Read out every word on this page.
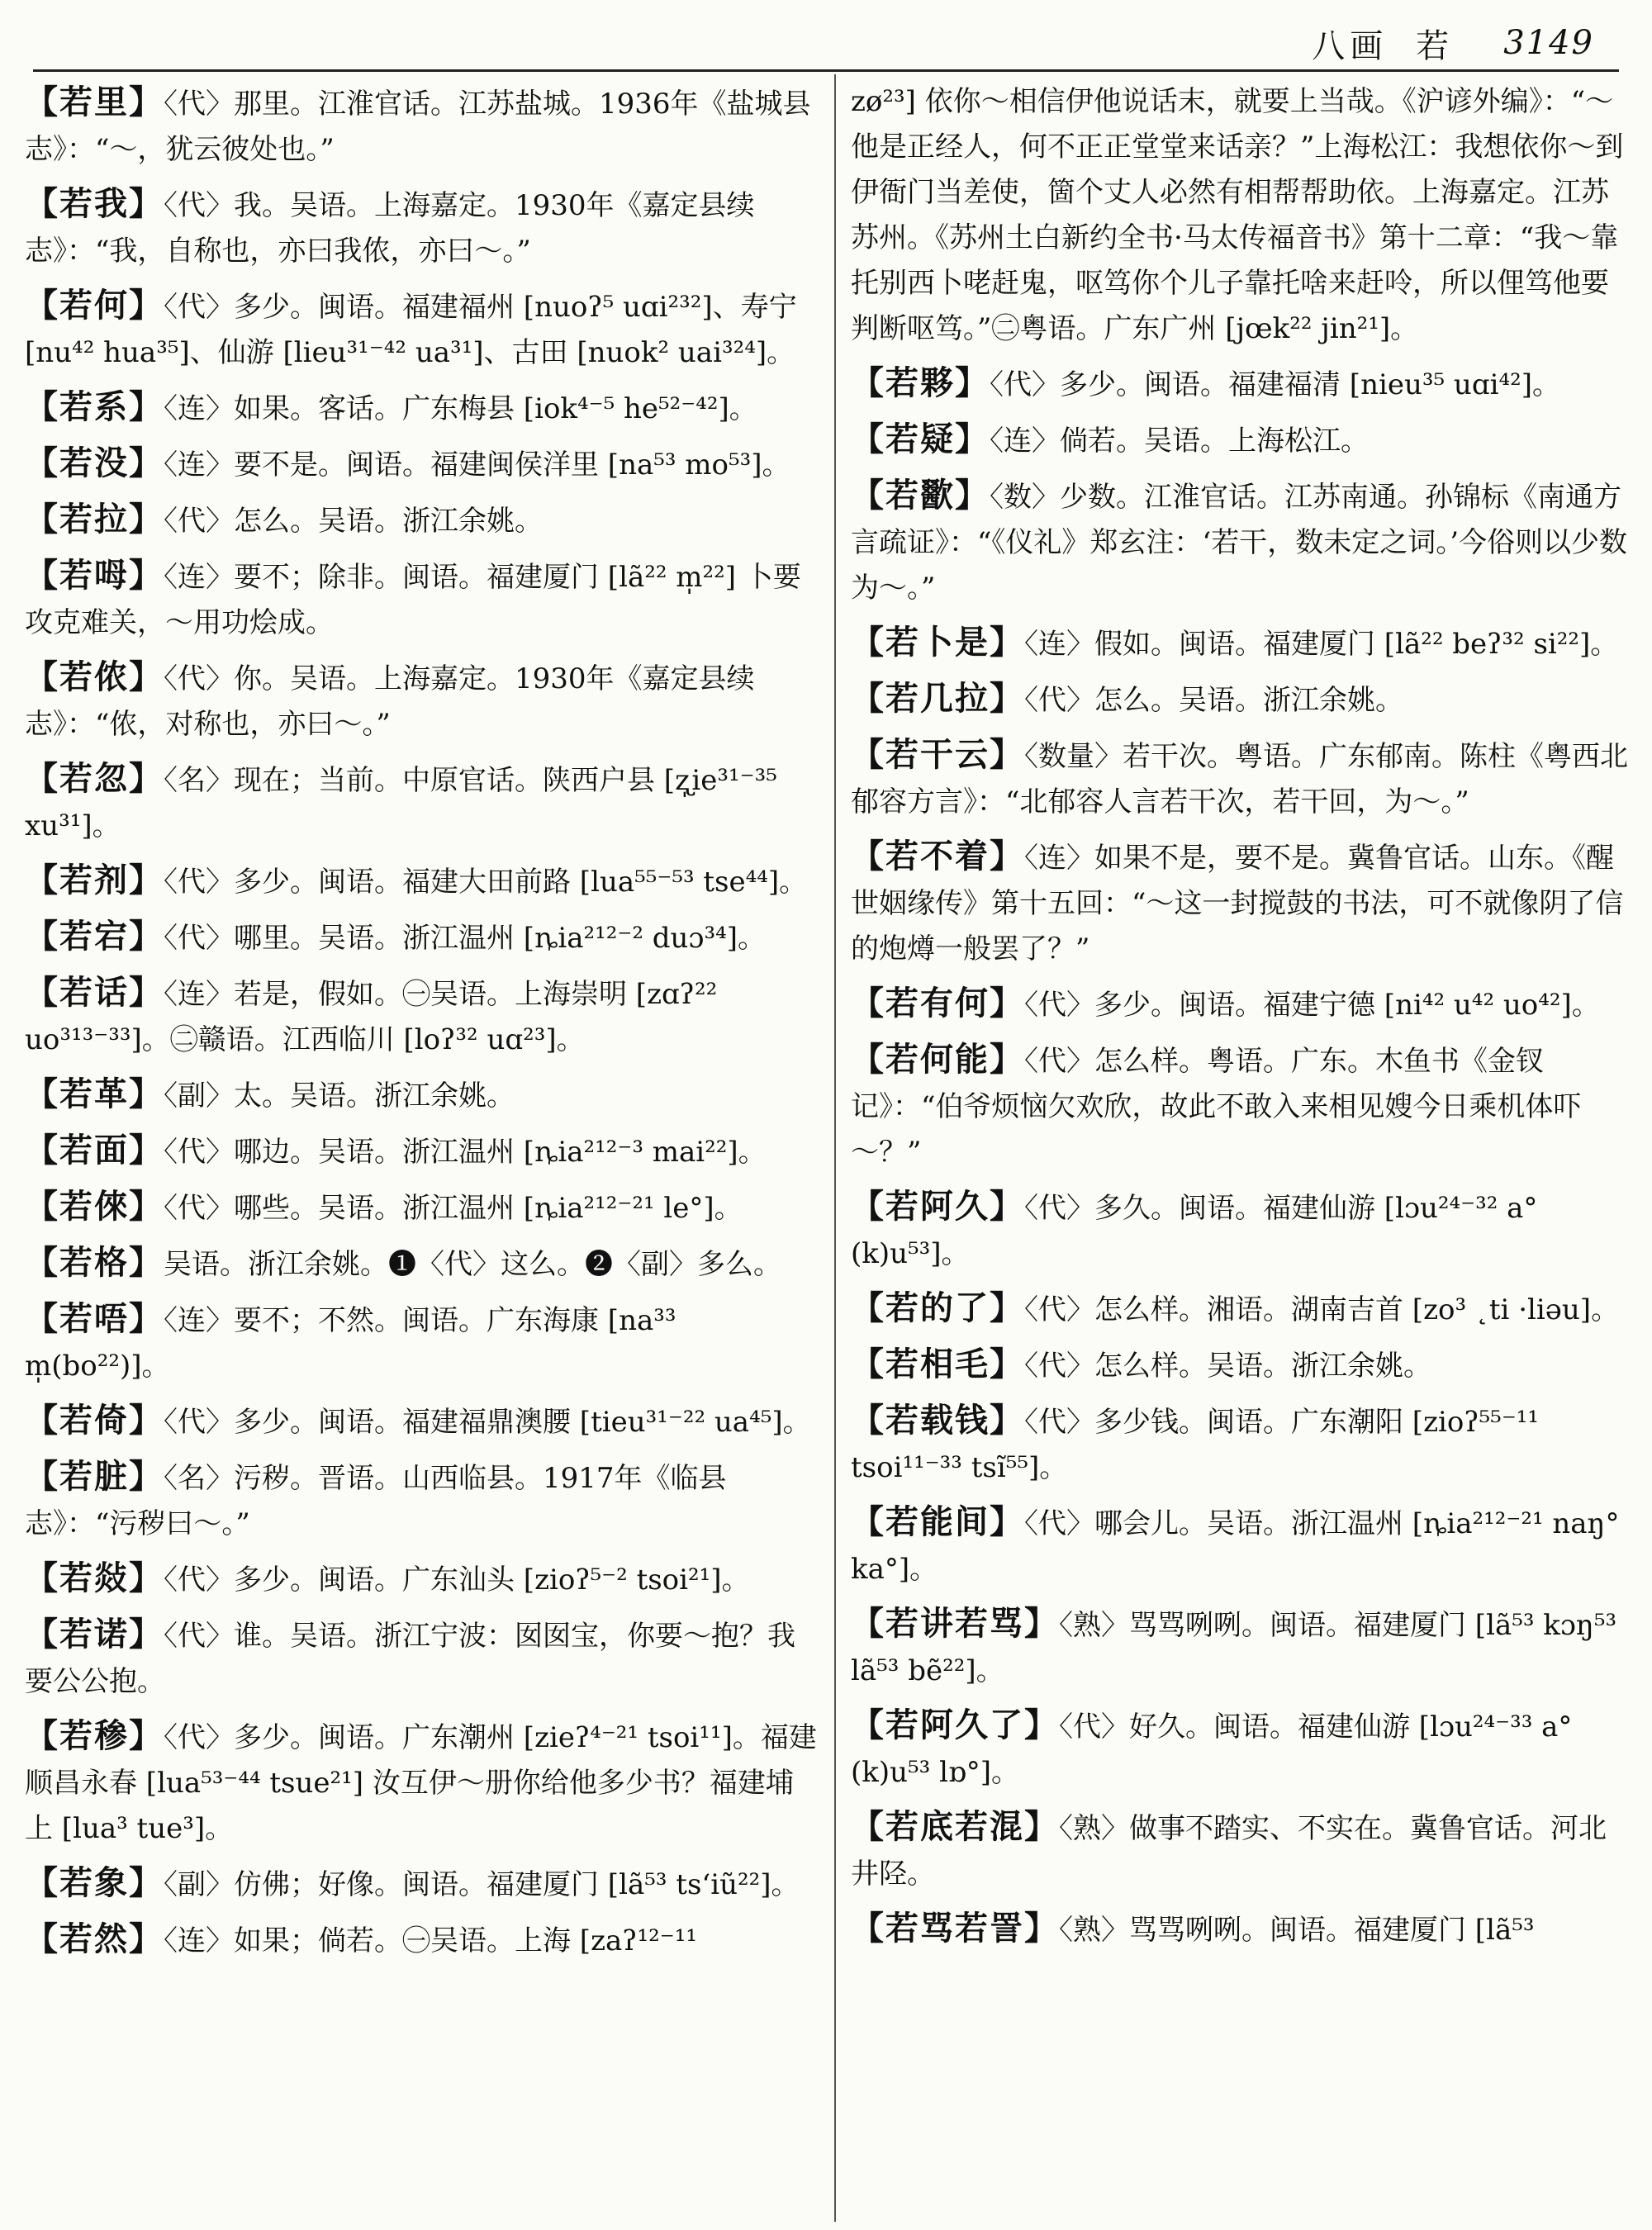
八画 若 3149
【若里】〈代〉那里。江淮官话。江苏盐城。1936年《盐城县志》：“～，犹云彼处也。”
【若我】〈代〉我。吴语。上海嘉定。1930年《嘉定县续志》：“我，自称也，亦曰我侬，亦曰～。”
【若何】〈代〉多少。闽语。福建福州 [nuoʔ⁵ uɑi²³²]、寿宁 [nu⁴² hua³⁵]、仙游 [lieu³¹⁻⁴² ua³¹]、古田 [nuok² uai³²⁴]。
【若系】〈连〉如果。客话。广东梅县 [iok⁴⁻⁵ he⁵²⁻⁴²]。
【若没】〈连〉要不是。闽语。福建闽侯洋里 [na⁵³ mo⁵³]。
【若拉】〈代〉怎么。吴语。浙江余姚。
【若呣】〈连〉要不；除非。闽语。福建厦门 [lã²² m̩²²] 卜要攻克难关，～用功烩成。
【若侬】〈代〉你。吴语。上海嘉定。1930年《嘉定县续志》：“侬，对称也，亦曰～。”
【若忽】〈名〉现在；当前。中原官话。陕西户县 [ʐ̩ie³¹⁻³⁵ xu³¹]。
【若剂】〈代〉多少。闽语。福建大田前路 [lua⁵⁵⁻⁵³ tse⁴⁴]。
【若宕】〈代〉哪里。吴语。浙江温州 [ȵia²¹²⁻² duɔ³⁴]。
【若话】〈连〉若是，假如。㊀吴语。上海崇明 [zɑʔ²² uo³¹³⁻³³]。㊁赣语。江西临川 [loʔ³² uɑ²³]。
【若革】〈副〉太。吴语。浙江余姚。
【若面】〈代〉哪边。吴语。浙江温州 [ȵia²¹²⁻³ mai²²]。
【若倈】〈代〉哪些。吴语。浙江温州 [ȵia²¹²⁻²¹ le°]。
【若格】吴语。浙江余姚。❶〈代〉这么。❷〈副〉多么。
【若唔】〈连〉要不；不然。闽语。广东海康 [na³³ m̩(bo²²)]。
【若倚】〈代〉多少。闽语。福建福鼎澳腰 [tieu³¹⁻²² ua⁴⁵]。
【若脏】〈名〉污秽。晋语。山西临县。1917年《临县志》：“污秽曰～。”
【若敥】〈代〉多少。闽语。广东汕头 [zioʔ⁵⁻² tsoi²¹]。
【若诺】〈代〉谁。吴语。浙江宁波：囡囡宝，你要～抱？我要公公抱。
【若䅟】〈代〉多少。闽语。广东潮州 [zieʔ⁴⁻²¹ tsoi¹¹]。福建顺昌永春 [lua⁵³⁻⁴⁴ tsue²¹] 汝互伊～册你给他多少书？福建埔上 [lua³ tue³]。
【若象】〈副〉仿佛；好像。闽语。福建厦门 [lã⁵³ tsʻiũ²²]。
【若然】〈连〉如果；倘若。㊀吴语。上海 [zaʔ¹²⁻¹¹
zø²³] 依你～相信伊他说话末，就要上当哉。《沪谚外编》：“～他是正经人，何不正正堂堂来话亲？”上海松江：我想依你～到伊衙门当差使，箇个丈人必然有相帮帮助依。上海嘉定。江苏苏州。《苏州土白新约全书·马太传福音书》第十二章：“我～靠托别西卜咾赶鬼，呕笃你个儿子靠托啥来赶呤，所以俚笃他要判断呕笃。”㊁粤语。广东广州 [jœk²² jin²¹]。
【若夥】〈代〉多少。闽语。福建福清 [nieu³⁵ uɑi⁴²]。
【若疑】〈连〉倘若。吴语。上海松江。
【若歠】〈数〉少数。江淮官话。江苏南通。孙锦标《南通方言疏证》：“《仪礼》郑玄注：‘若干，数未定之词。’今俗则以少数为～。”
【若卜是】〈连〉假如。闽语。福建厦门 [lã²² beʔ³² si²²]。
【若几拉】〈代〉怎么。吴语。浙江余姚。
【若干云】〈数量〉若干次。粤语。广东郁南。陈柱《粤西北郁容方言》：“北郁容人言若干次，若干回，为～。”
【若不着】〈连〉如果不是，要不是。冀鲁官话。山东。《醒世姻缘传》第十五回：“～这一封搅鼓的书法，可不就像阴了信的炮燇一般罢了？”
【若有何】〈代〉多少。闽语。福建宁德 [ni⁴² u⁴² uo⁴²]。
【若何能】〈代〉怎么样。粤语。广东。木鱼书《金钗记》：“伯爷烦恼欠欢欣，故此不敢入来相见嫂今日乘机体吓～？”
【若阿久】〈代〉多久。闽语。福建仙游 [lɔu²⁴⁻³² a° (k)u⁵³]。
【若的了】〈代〉怎么样。湘语。湖南吉首 [zo³ ˛ti ·liəu]。
【若相毛】〈代〉怎么样。吴语。浙江余姚。
【若载钱】〈代〉多少钱。闽语。广东潮阳 [zioʔ⁵⁵⁻¹¹ tsoi¹¹⁻³³ tsĩ⁵⁵]。
【若能间】〈代〉哪会儿。吴语。浙江温州 [ȵia²¹²⁻²¹ naŋ° ka°]。
【若讲若骂】〈熟〉骂骂咧咧。闽语。福建厦门 [lã⁵³ kɔŋ⁵³ lã⁵³ bẽ²²]。
【若阿久了】〈代〉好久。闽语。福建仙游 [lɔu²⁴⁻³³ a° (k)u⁵³ lɒ°]。
【若底若混】〈熟〉做事不踏实、不实在。冀鲁官话。河北井陉。
【若骂若詈】〈熟〉骂骂咧咧。闽语。福建厦门 [lã⁵³
